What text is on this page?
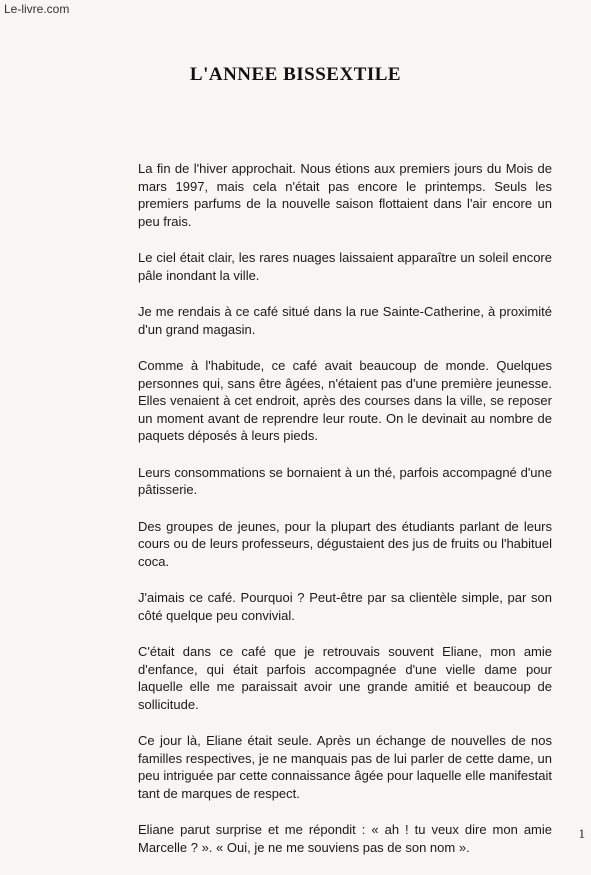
Le-livre.com
L'ANNEE BISSEXTILE

La fin de l'hiver approchait. Nous étions aux premiers jours du Mois de mars 1997, mais cela n'était pas encore le printemps. Seuls les premiers parfums de la nouvelle saison flottaient dans l'air encore un peu frais.

Le ciel était clair, les rares nuages laissaient apparaître un soleil encore pâle inondant la ville.

Je me rendais à ce café situé dans la rue Sainte-Catherine, à proximité d'un grand magasin.

Comme à l'habitude, ce café avait beaucoup de monde. Quelques personnes qui, sans être âgées, n'étaient pas d'une première jeunesse. Elles venaient à cet endroit, après des courses dans la ville, se reposer un moment avant de reprendre leur route. On le devinait au nombre de paquets déposés à leurs pieds.

Leurs consommations se bornaient à un thé, parfois accompagné d'une pâtisserie.

Des groupes de jeunes, pour la plupart des étudiants parlant de leurs cours ou de leurs professeurs, dégustaient des jus de fruits ou l'habituel coca.

J'aimais ce café. Pourquoi ? Peut-être par sa clientèle simple, par son côté quelque peu convivial.

C'était dans ce café que je retrouvais souvent Eliane, mon amie d'enfance, qui était parfois accompagnée d'une vielle dame pour laquelle elle me paraissait avoir une grande amitié et beaucoup de sollicitude.

Ce jour là, Eliane était seule. Après un échange de nouvelles de nos familles respectives, je ne manquais pas de lui parler de cette dame, un peu intriguée par cette connaissance âgée pour laquelle elle manifestait tant de marques de respect.

Eliane parut surprise et me répondit : « ah ! tu veux dire mon amie Marcelle ? ». « Oui, je ne me souviens pas de son nom ».

1
